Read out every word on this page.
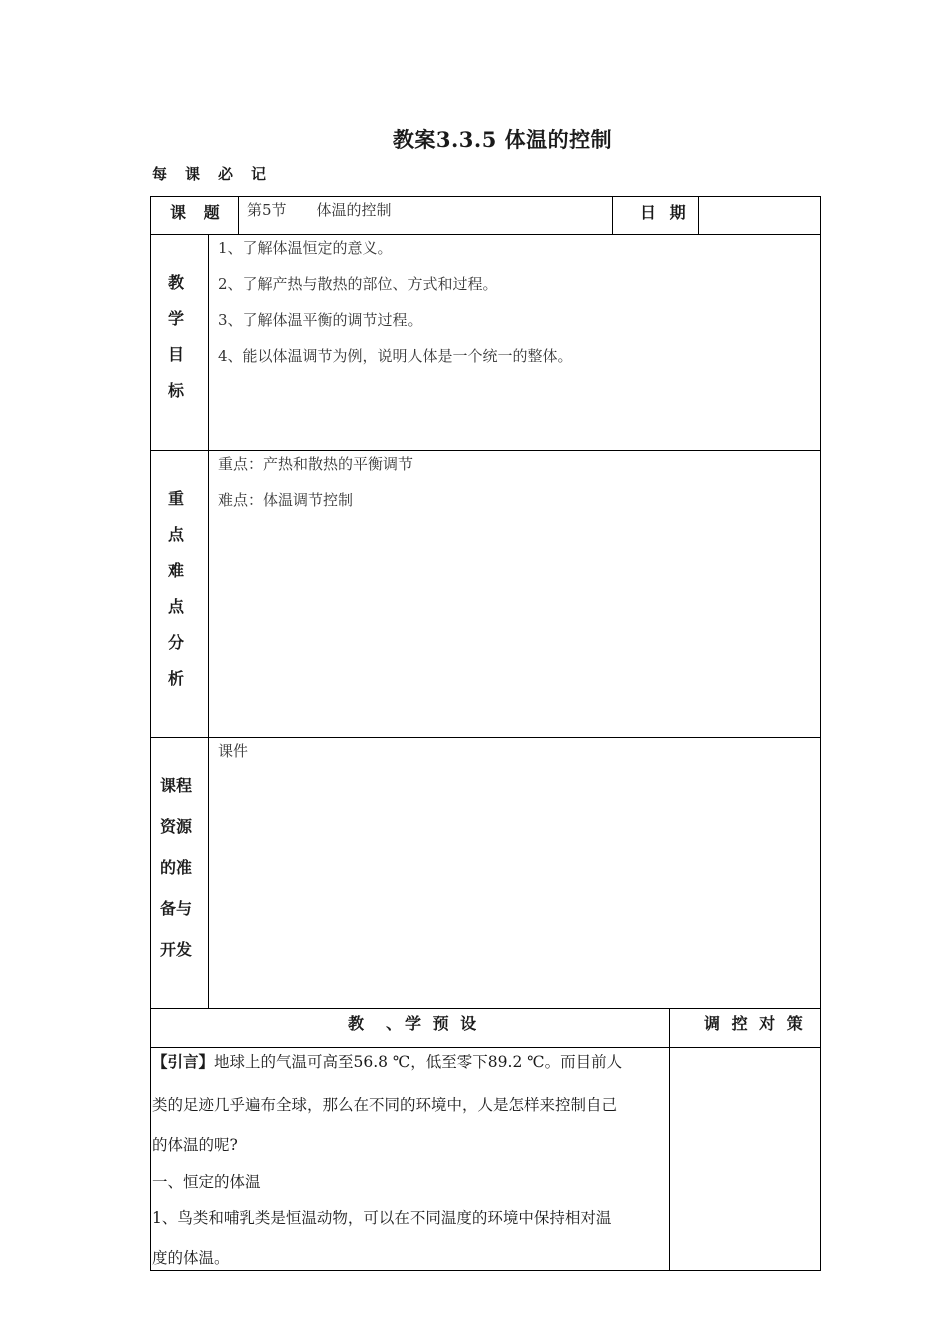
教案3.3.5 体温的控制
每课必记
课 题 第5节　　体温的控制	日 期
教
学
目
标
1、了解体温恒定的意义。
2、了解产热与散热的部位、方式和过程。
3、了解体温平衡的调节过程。
4、能以体温调节为例，说明人体是一个统一的整体。
重
点
难
点
分
析
重点：产热和散热的平衡调节
难点：体温调节控制
课程
资源
的准
备与
开发
课件
教　、学 预 设	调 控 对 策
【引言】地球上的气温可高至56.8 ℃，低至零下89.2 ℃。而目前人
类的足迹几乎遍布全球，那么在不同的环境中，人是怎样来控制自己
的体温的呢?
一、恒定的体温
1、鸟类和哺乳类是恒温动物，可以在不同温度的环境中保持相对温
度的体温。
